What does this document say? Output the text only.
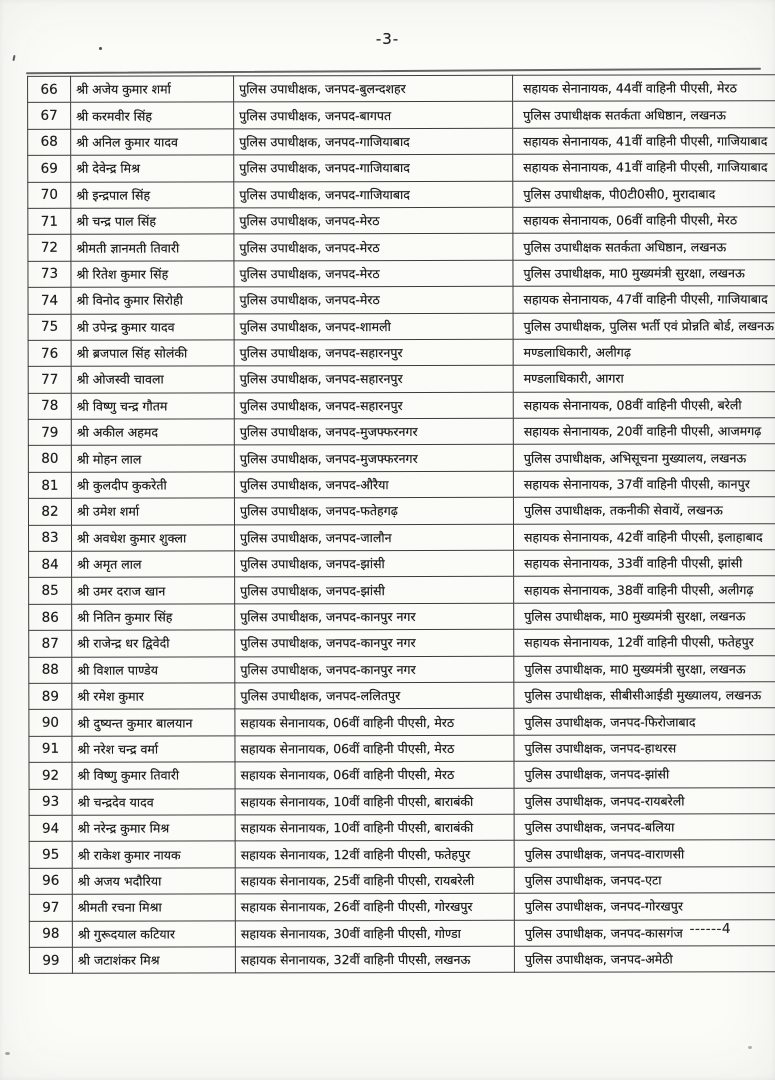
-3-
66	श्री अजेय कुमार शर्मा	पुलिस उपाधीक्षक, जनपद-बुलन्दशहर	सहायक सेनानायक, 44वीं वाहिनी पीएसी, मेरठ
67	श्री करमवीर सिंह	पुलिस उपाधीक्षक, जनपद-बागपत	पुलिस उपाधीक्षक सतर्कता अधिष्ठान, लखनऊ
68	श्री अनिल कुमार यादव	पुलिस उपाधीक्षक, जनपद-गाजियाबाद	सहायक सेनानायक, 41वीं वाहिनी पीएसी, गाजियाबाद
69	श्री देवेन्द्र मिश्र	पुलिस उपाधीक्षक, जनपद-गाजियाबाद	सहायक सेनानायक, 41वीं वाहिनी पीएसी, गाजियाबाद
70	श्री इन्द्रपाल सिंह	पुलिस उपाधीक्षक, जनपद-गाजियाबाद	पुलिस उपाधीक्षक, पी0टी0सी0, मुरादाबाद
71	श्री चन्द्र पाल सिंह	पुलिस उपाधीक्षक, जनपद-मेरठ	सहायक सेनानायक, 06वीं वाहिनी पीएसी, मेरठ
72	श्रीमती ज्ञानमती तिवारी	पुलिस उपाधीक्षक, जनपद-मेरठ	पुलिस उपाधीक्षक सतर्कता अधिष्ठान, लखनऊ
73	श्री रितेश कुमार सिंह	पुलिस उपाधीक्षक, जनपद-मेरठ	पुलिस उपाधीक्षक, मा0 मुख्यमंत्री सुरक्षा, लखनऊ
74	श्री विनोद कुमार सिरोही	पुलिस उपाधीक्षक, जनपद-मेरठ	सहायक सेनानायक, 47वीं वाहिनी पीएसी, गाजियाबाद
75	श्री उपेन्द्र कुमार यादव	पुलिस उपाधीक्षक, जनपद-शामली	पुलिस उपाधीक्षक, पुलिस भर्ती एवं प्रोन्नति बोर्ड, लखनऊ
76	श्री ब्रजपाल सिंह सोलंकी	पुलिस उपाधीक्षक, जनपद-सहारनपुर	मण्डलाधिकारी, अलीगढ़
77	श्री ओजस्वी चावला	पुलिस उपाधीक्षक, जनपद-सहारनपुर	मण्डलाधिकारी, आगरा
78	श्री विष्णु चन्द्र गौतम	पुलिस उपाधीक्षक, जनपद-सहारनपुर	सहायक सेनानायक, 08वीं वाहिनी पीएसी, बरेली
79	श्री अकील अहमद	पुलिस उपाधीक्षक, जनपद-मुजफ्फरनगर	सहायक सेनानायक, 20वीं वाहिनी पीएसी, आजमगढ़
80	श्री मोहन लाल	पुलिस उपाधीक्षक, जनपद-मुजफ्फरनगर	पुलिस उपाधीक्षक, अभिसूचना मुख्यालय, लखनऊ
81	श्री कुलदीप कुकरेती	पुलिस उपाधीक्षक, जनपद-औरैया	सहायक सेनानायक, 37वीं वाहिनी पीएसी, कानपुर
82	श्री उमेश शर्मा	पुलिस उपाधीक्षक, जनपद-फतेहगढ़	पुलिस उपाधीक्षक, तकनीकी सेवायें, लखनऊ
83	श्री अवधेश कुमार शुक्ला	पुलिस उपाधीक्षक, जनपद-जालौन	सहायक सेनानायक, 42वीं वाहिनी पीएसी, इलाहाबाद
84	श्री अमृत लाल	पुलिस उपाधीक्षक, जनपद-झांसी	सहायक सेनानायक, 33वीं वाहिनी पीएसी, झांसी
85	श्री उमर दराज खान	पुलिस उपाधीक्षक, जनपद-झांसी	सहायक सेनानायक, 38वीं वाहिनी पीएसी, अलीगढ़
86	श्री नितिन कुमार सिंह	पुलिस उपाधीक्षक, जनपद-कानपुर नगर	पुलिस उपाधीक्षक, मा0 मुख्यमंत्री सुरक्षा, लखनऊ
87	श्री राजेन्द्र धर द्विवेदी	पुलिस उपाधीक्षक, जनपद-कानपुर नगर	सहायक सेनानायक, 12वीं वाहिनी पीएसी, फतेहपुर
88	श्री विशाल पाण्डेय	पुलिस उपाधीक्षक, जनपद-कानपुर नगर	पुलिस उपाधीक्षक, मा0 मुख्यमंत्री सुरक्षा, लखनऊ
89	श्री रमेश कुमार	पुलिस उपाधीक्षक, जनपद-ललितपुर	पुलिस उपाधीक्षक, सीबीसीआईडी मुख्यालय, लखनऊ
90	श्री दुष्यन्त कुमार बालयान	सहायक सेनानायक, 06वीं वाहिनी पीएसी, मेरठ	पुलिस उपाधीक्षक, जनपद-फिरोजाबाद
91	श्री नरेश चन्द्र वर्मा	सहायक सेनानायक, 06वीं वाहिनी पीएसी, मेरठ	पुलिस उपाधीक्षक, जनपद-हाथरस
92	श्री विष्णु कुमार तिवारी	सहायक सेनानायक, 06वीं वाहिनी पीएसी, मेरठ	पुलिस उपाधीक्षक, जनपद-झांसी
93	श्री चन्द्रदेव यादव	सहायक सेनानायक, 10वीं वाहिनी पीएसी, बाराबंकी	पुलिस उपाधीक्षक, जनपद-रायबरेली
94	श्री नरेन्द्र कुमार मिश्र	सहायक सेनानायक, 10वीं वाहिनी पीएसी, बाराबंकी	पुलिस उपाधीक्षक, जनपद-बलिया
95	श्री राकेश कुमार नायक	सहायक सेनानायक, 12वीं वाहिनी पीएसी, फतेहपुर	पुलिस उपाधीक्षक, जनपद-वाराणसी
96	श्री अजय भदौरिया	सहायक सेनानायक, 25वीं वाहिनी पीएसी, रायबरेली	पुलिस उपाधीक्षक, जनपद-एटा
97	श्रीमती रचना मिश्रा	सहायक सेनानायक, 26वीं वाहिनी पीएसी, गोरखपुर	पुलिस उपाधीक्षक, जनपद-गोरखपुर
98	श्री गुरूदयाल कटियार	सहायक सेनानायक, 30वीं वाहिनी पीएसी, गोण्डा	पुलिस उपाधीक्षक, जनपद-कासगंज
99	श्री जटाशंकर मिश्र	सहायक सेनानायक, 32वीं वाहिनी पीएसी, लखनऊ	पुलिस उपाधीक्षक, जनपद-अमेठी
------4
